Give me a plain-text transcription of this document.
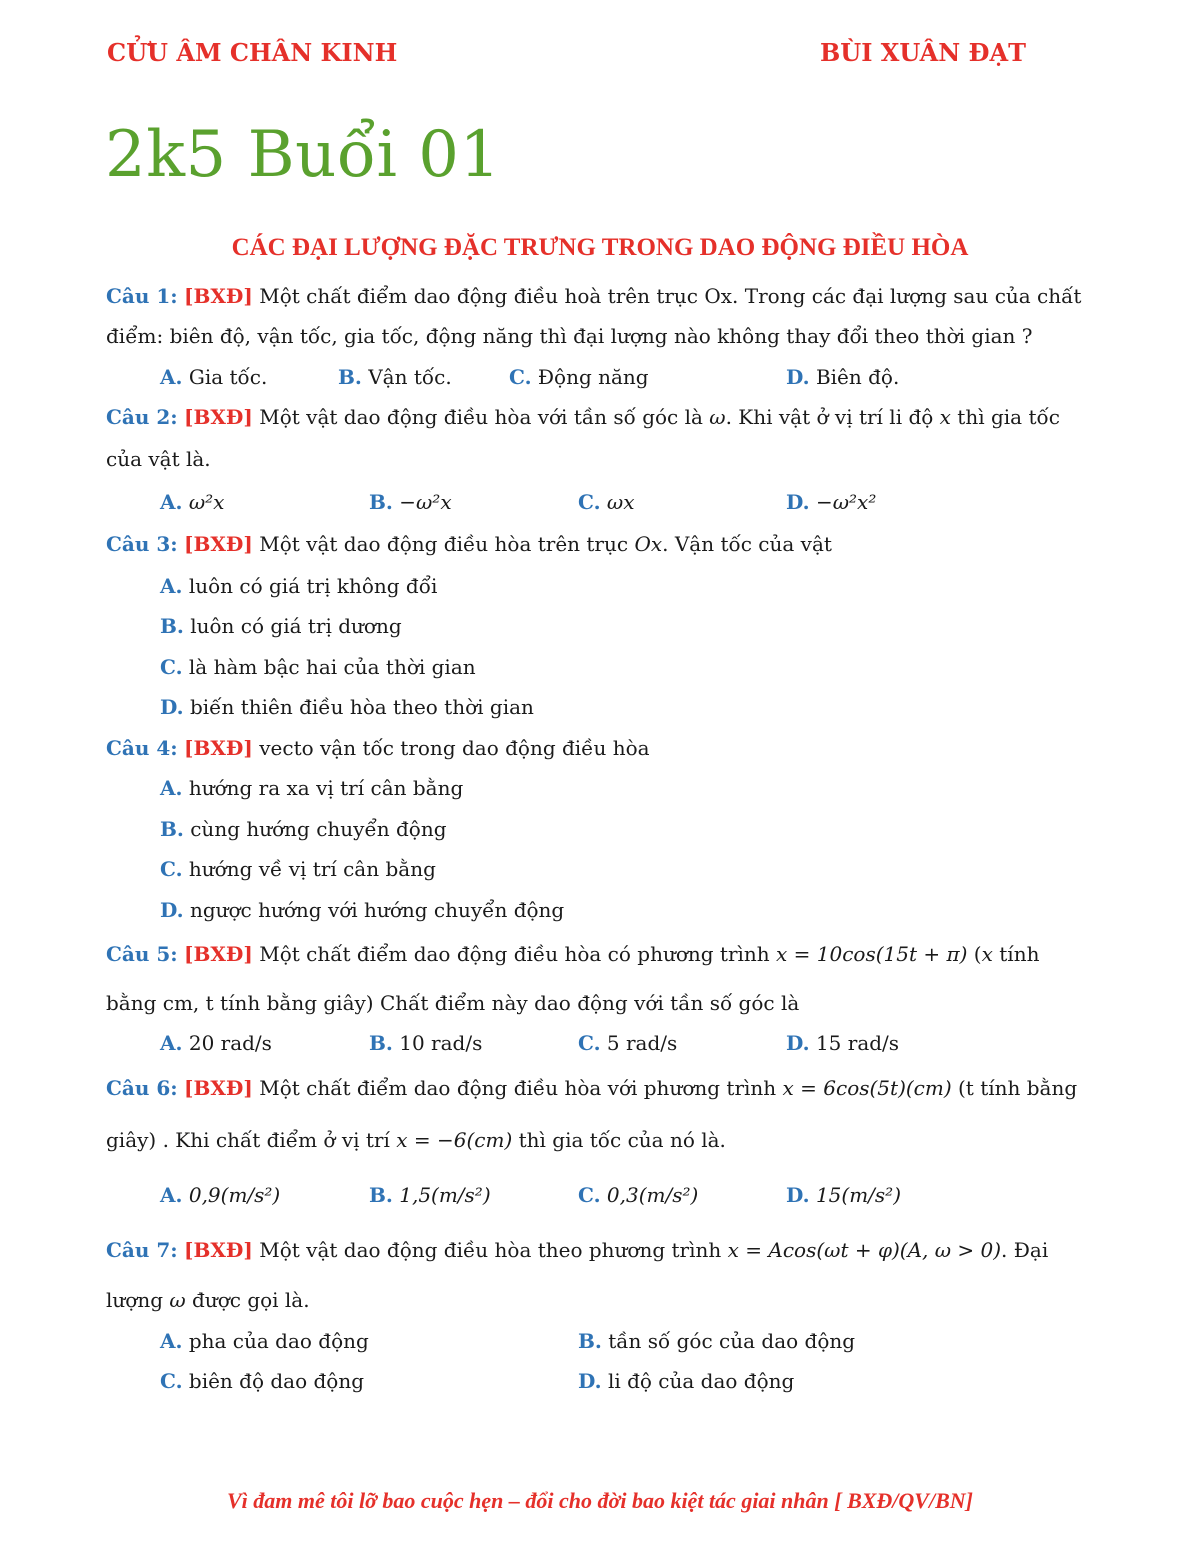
CỬU ÂM CHÂN KINH	BÙI XUÂN ĐẠT
2k5 Buổi 01
CÁC ĐẠI LƯỢNG ĐẶC TRƯNG TRONG DAO ĐỘNG ĐIỀU HÒA
Câu 1: [BXĐ] Một chất điểm dao động điều hoà trên trục Ox. Trong các đại lượng sau của chất
điểm: biên độ, vận tốc, gia tốc, động năng thì đại lượng nào không thay đổi theo thời gian ?
A. Gia tốc.	B. Vận tốc.	C. Động năng	D. Biên độ.
Câu 2: [BXĐ] Một vật dao động điều hòa với tần số góc là ω. Khi vật ở vị trí li độ x thì gia tốc
của vật là.
A. ω²x	B. −ω²x	C. ωx	D. −ω²x²
Câu 3: [BXĐ] Một vật dao động điều hòa trên trục Ox. Vận tốc của vật
A. luôn có giá trị không đổi
B. luôn có giá trị dương
C. là hàm bậc hai của thời gian
D. biến thiên điều hòa theo thời gian
Câu 4: [BXĐ] vecto vận tốc trong dao động điều hòa
A. hướng ra xa vị trí cân bằng
B. cùng hướng chuyển động
C. hướng về vị trí cân bằng
D. ngược hướng với hướng chuyển động
Câu 5: [BXĐ] Một chất điểm dao động điều hòa có phương trình x = 10cos(15t + π) (x tính
bằng cm, t tính bằng giây) Chất điểm này dao động với tần số góc là
A. 20 rad/s	B. 10 rad/s	C. 5 rad/s	D. 15 rad/s
Câu 6: [BXĐ] Một chất điểm dao động điều hòa với phương trình x = 6cos(5t)(cm) (t tính bằng
giây) . Khi chất điểm ở vị trí x = −6(cm) thì gia tốc của nó là.
A. 0,9(m/s²)	B. 1,5(m/s²)	C. 0,3(m/s²)	D. 15(m/s²)
Câu 7: [BXĐ] Một vật dao động điều hòa theo phương trình x = Acos(ωt + φ)(A, ω > 0). Đại
lượng ω được gọi là.
A. pha của dao động	B. tần số góc của dao động
C. biên độ dao động	D. li độ của dao động
Vì đam mê tôi lỡ bao cuộc hẹn – đổi cho đời bao kiệt tác giai nhân [ BXĐ/QV/BN]
